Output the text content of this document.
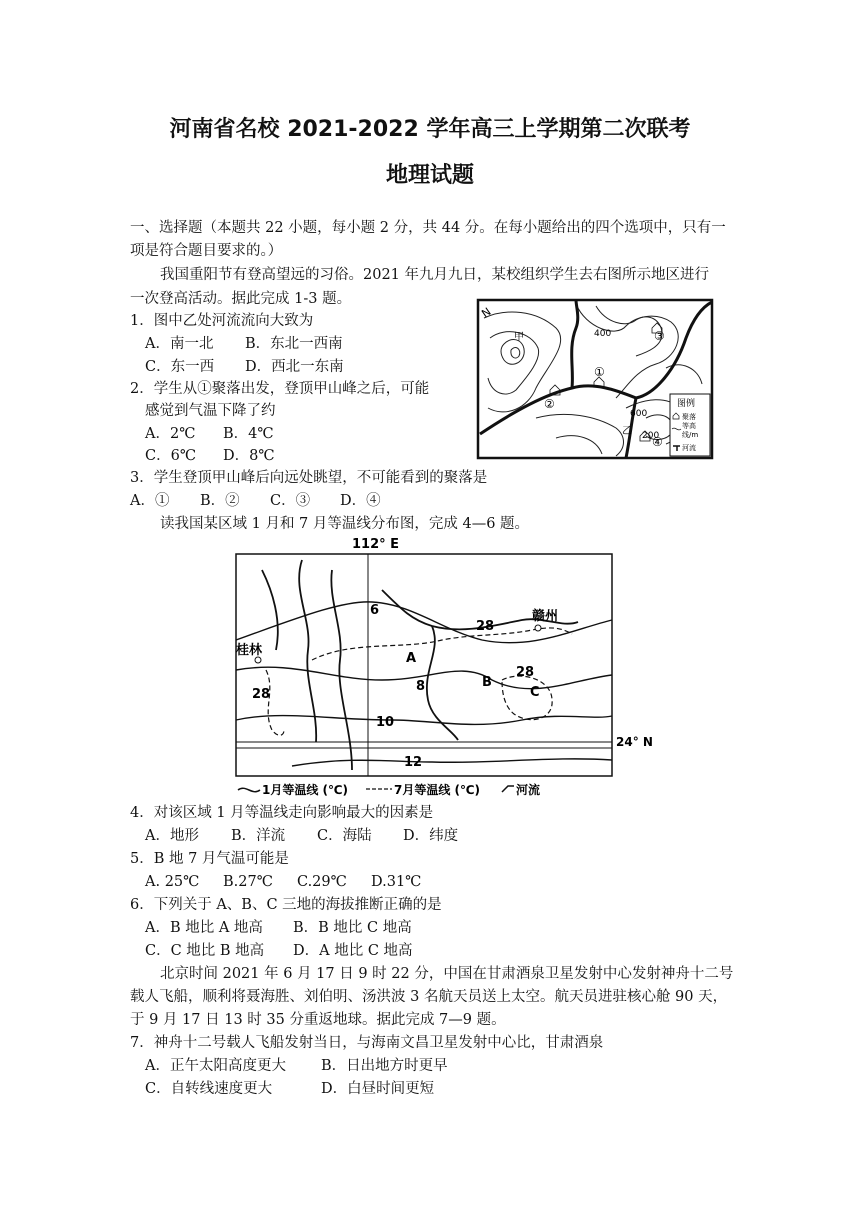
河南省名校 2021-2022 学年高三上学期第二次联考
地理试题
一、选择题（本题共 22 小题，每小题 2 分，共 44 分。在每小题给出的四个选项中，只有一
项是符合题目要求的。）
我国重阳节有登高望远的习俗。2021 年九月九日，某校组织学生去右图所示地区进行
一次登高活动。据此完成 1-3 题。
1．图中乙处河流流向大致为
A．南一北 B．东北一西南
C．东一西 D．西北一东南
2．学生从①聚落出发，登顶甲山峰之后，可能
感觉到气温下降了约
A．2℃ B．4℃
C．6℃ D．8℃
3．学生登顶甲山峰后向远处眺望，不可能看到的聚落是
A．① B．② C．③ D．④
N
甲	400
600
200
乙
②
①
③
④
图例
聚落
等高
线/m
河流
读我国某区域 1 月和 7 月等温线分布图，完成 4—6 题。
112° E
24° N
桂林
赣州
6
8
10
12
28
28
28
A
B
C
1月等温线 (℃)	7月等温线 (℃)	河流
4．对该区域 1 月等温线走向影响最大的因素是
A．地形 B．洋流 C．海陆 D．纬度
5．B 地 7 月气温可能是
A. 25℃ B.27℃ C.29℃ D.31℃
6．下列关于 A、B、C 三地的海拔推断正确的是
A．B 地比 A 地高 B．B 地比 C 地高
C．C 地比 B 地高 D．A 地比 C 地高
北京时间 2021 年 6 月 17 日 9 时 22 分，中国在甘肃酒泉卫星发射中心发射神舟十二号
载人飞船，顺利将聂海胜、刘伯明、汤洪波 3 名航天员送上太空。航天员进驻核心舱 90 天，
于 9 月 17 日 13 时 35 分重返地球。据此完成 7—9 题。
7．神舟十二号载人飞船发射当日，与海南文昌卫星发射中心比，甘肃酒泉
A．正午太阳高度更大 B．日出地方时更早
C．自转线速度更大	D．白昼时间更短
